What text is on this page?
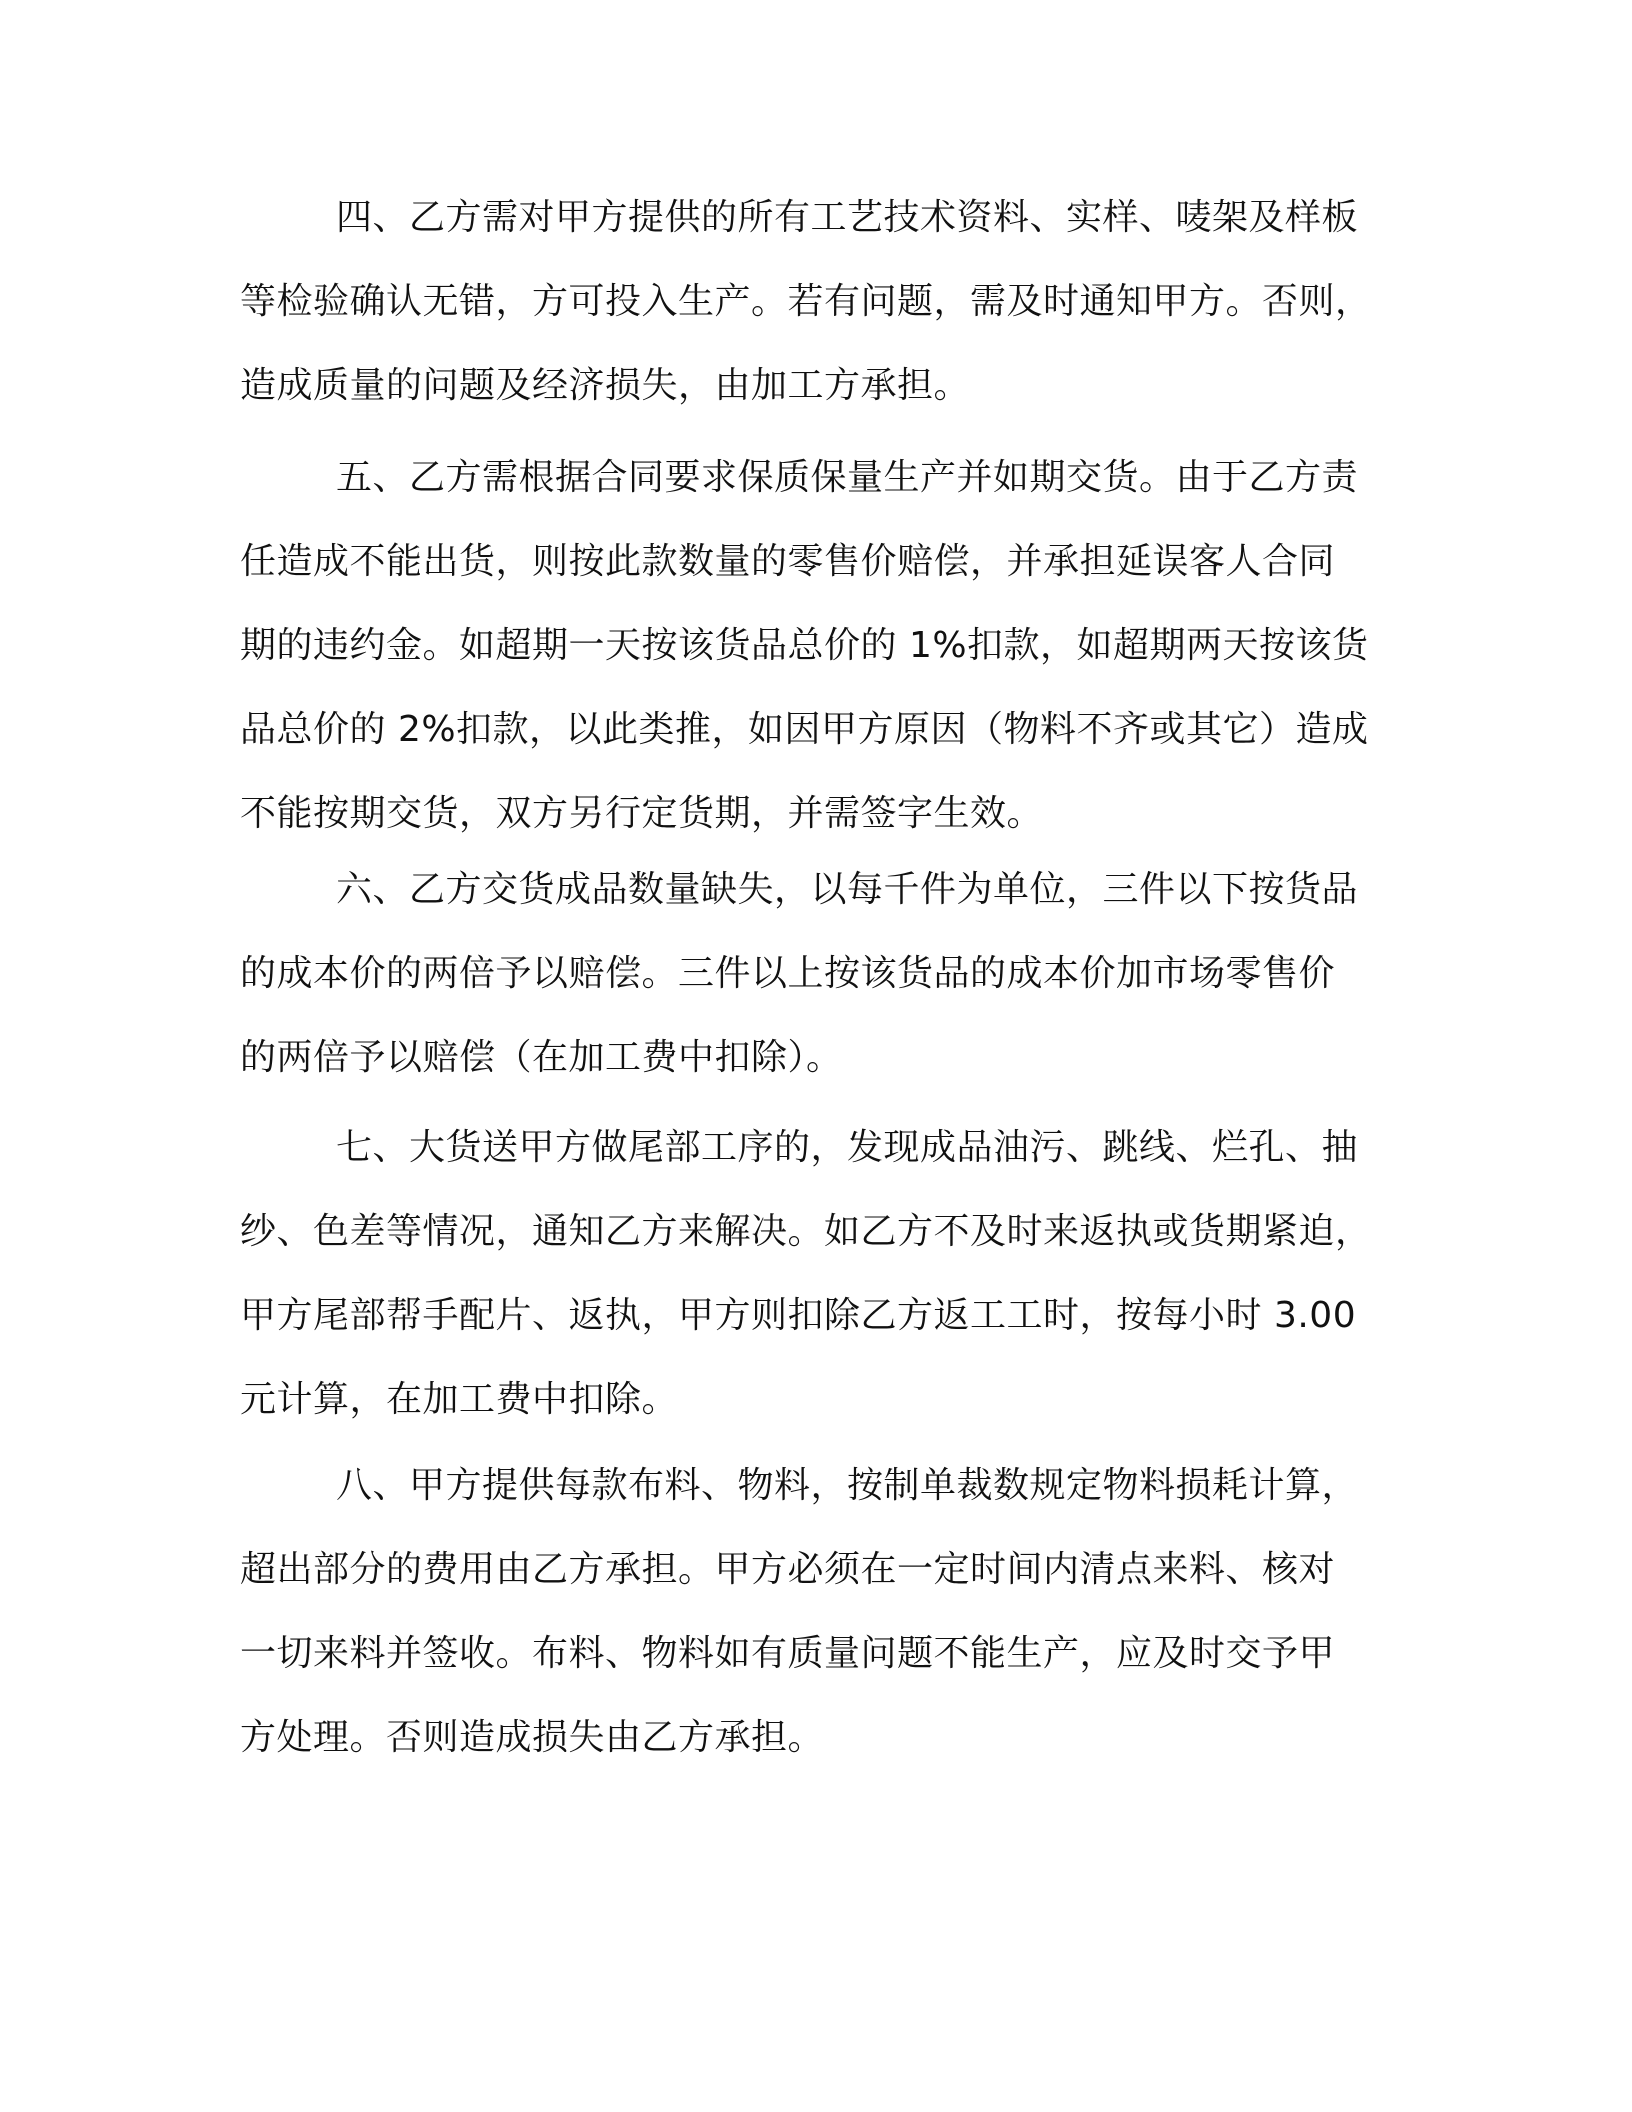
四、乙方需对甲方提供的所有工艺技术资料、实样、唛架及样板
等检验确认无错，方可投入生产。若有问题，需及时通知甲方。否则，
造成质量的问题及经济损失，由加工方承担。

五、乙方需根据合同要求保质保量生产并如期交货。由于乙方责
任造成不能出货，则按此款数量的零售价赔偿，并承担延误客人合同
期的违约金。如超期一天按该货品总价的 1%扣款，如超期两天按该货
品总价的 2%扣款，以此类推，如因甲方原因（物料不齐或其它）造成
不能按期交货，双方另行定货期，并需签字生效。

六、乙方交货成品数量缺失，以每千件为单位，三件以下按货品
的成本价的两倍予以赔偿。三件以上按该货品的成本价加市场零售价
的两倍予以赔偿（在加工费中扣除）。

七、大货送甲方做尾部工序的，发现成品油污、跳线、烂孔、抽
纱、色差等情况，通知乙方来解决。如乙方不及时来返执或货期紧迫，
甲方尾部帮手配片、返执，甲方则扣除乙方返工工时，按每小时 3.00
元计算，在加工费中扣除。

八、甲方提供每款布料、物料，按制单裁数规定物料损耗计算，
超出部分的费用由乙方承担。甲方必须在一定时间内清点来料、核对
一切来料并签收。布料、物料如有质量问题不能生产，应及时交予甲
方处理。否则造成损失由乙方承担。
